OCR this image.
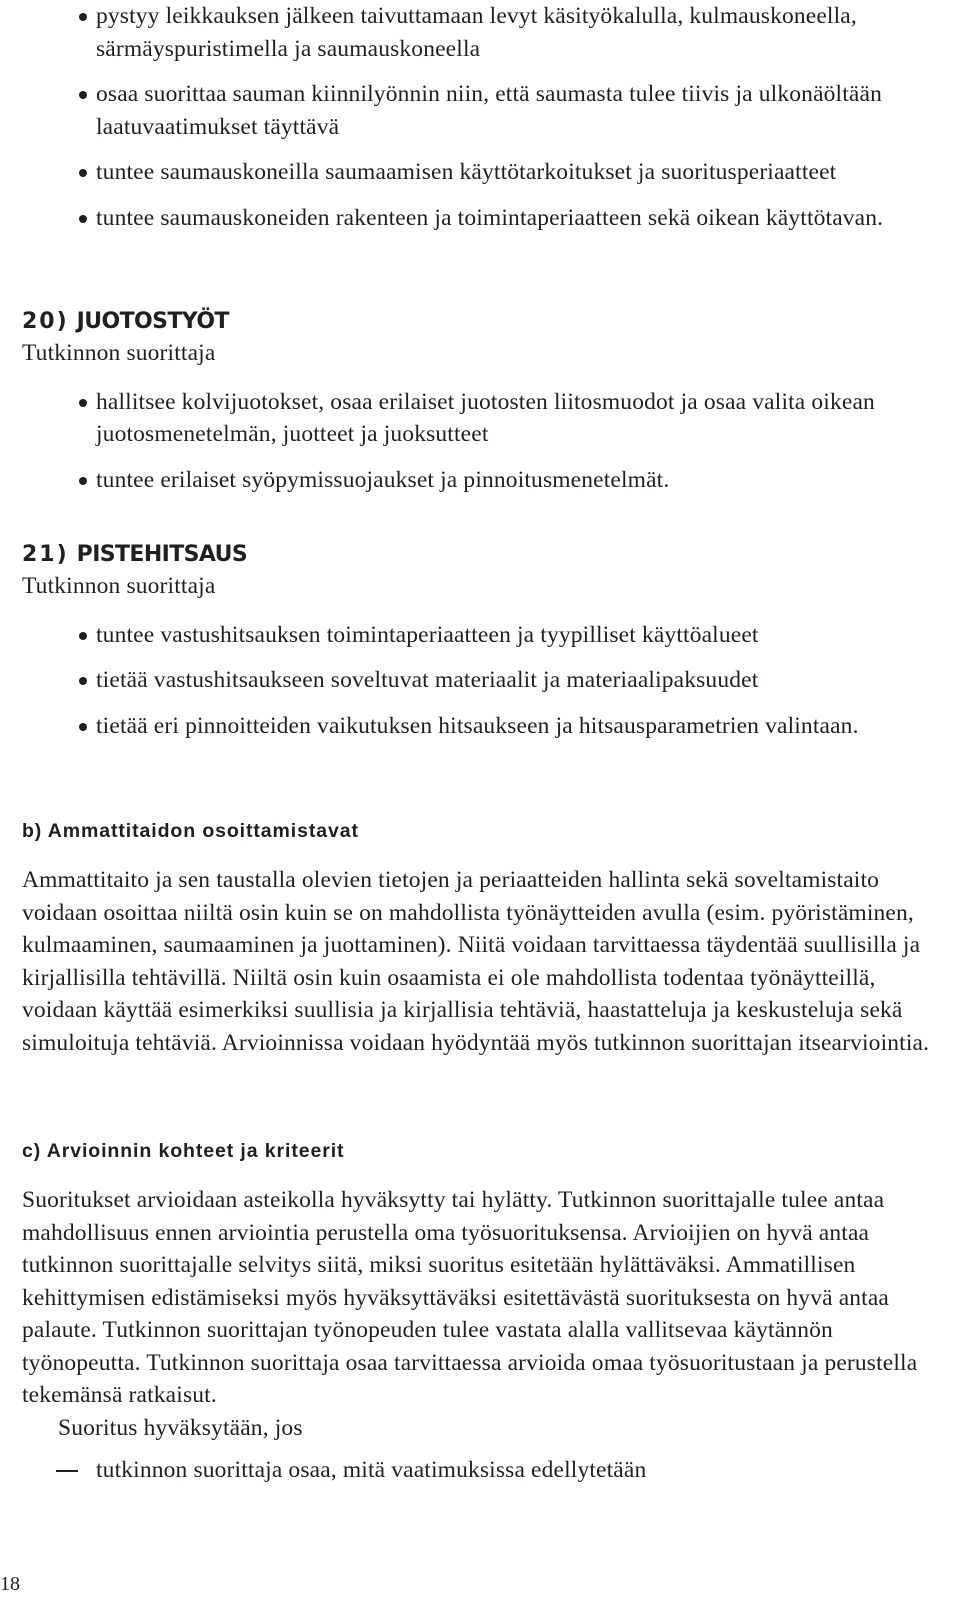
pystyy leikkauksen jälkeen taivuttamaan levyt käsityökalulla, kulmauskoneella, särmäyspuristimella ja saumauskoneella
osaa suorittaa sauman kiinnilyönnin niin, että saumasta tulee tiivis ja ulkonäöltään laatuvaatimukset täyttävä
tuntee saumauskoneilla saumaamisen käyttötarkoitukset ja suoritusperiaatteet
tuntee saumauskoneiden rakenteen ja toimintaperiaatteen sekä oikean käyttötavan.
20) JUOTOSTYÖT
Tutkinnon suorittaja
hallitsee kolvijuotokset, osaa erilaiset juotosten liitosmuodot ja osaa valita oikean juotosmenetelmän, juotteet ja juoksutteet
tuntee erilaiset syöpymissuojaukset ja pinnoitusmenetelmät.
21) PISTEHITSAUS
Tutkinnon suorittaja
tuntee vastushitsauksen toimintaperiaatteen ja tyypilliset käyttöalueet
tietää vastushitsaukseen soveltuvat materiaalit ja materiaalipaksuudet
tietää eri pinnoitteiden vaikutuksen hitsaukseen ja hitsausparametrien valintaan.
b) Ammattitaidon osoittamistavat

Ammattitaito ja sen taustalla olevien tietojen ja periaatteiden hallinta sekä soveltamistaito voidaan osoittaa niiltä osin kuin se on mahdollista työnäytteiden avulla (esim. pyöristäminen, kulmaaminen, saumaaminen ja juottaminen). Niitä voidaan tarvittaessa täydentää suullisilla ja kirjallisilla tehtävillä. Niiltä osin kuin osaamista ei ole mahdollista todentaa työnäytteillä, voidaan käyttää esimerkiksi suullisia ja kirjallisia tehtäviä, haastatteluja ja keskusteluja sekä simuloituja tehtäviä. Arvioinnissa voidaan hyödyntää myös tutkinnon suorittajan itsearviointia.

c) Arvioinnin kohteet ja kriteerit

Suoritukset arvioidaan asteikolla hyväksytty tai hylätty. Tutkinnon suorittajalle tulee antaa mahdollisuus ennen arviointia perustella oma työsuorituksensa. Arvioijien on hyvä antaa tutkinnon suorittajalle selvitys siitä, miksi suoritus esitetään hylättäväksi. Ammatillisen kehittymisen edistämiseksi myös hyväksyttäväksi esitettävästä suorituksesta on hyvä antaa palaute. Tutkinnon suorittajan työnopeuden tulee vastata alalla vallitsevaa käytännön työnopeutta. Tutkinnon suorittaja osaa tarvittaessa arvioida omaa työsuoritustaan ja perustella tekemänsä ratkaisut.

Suoritus hyväksytään, jos
tutkinnon suorittaja osaa, mitä vaatimuksissa edellytetään
18
